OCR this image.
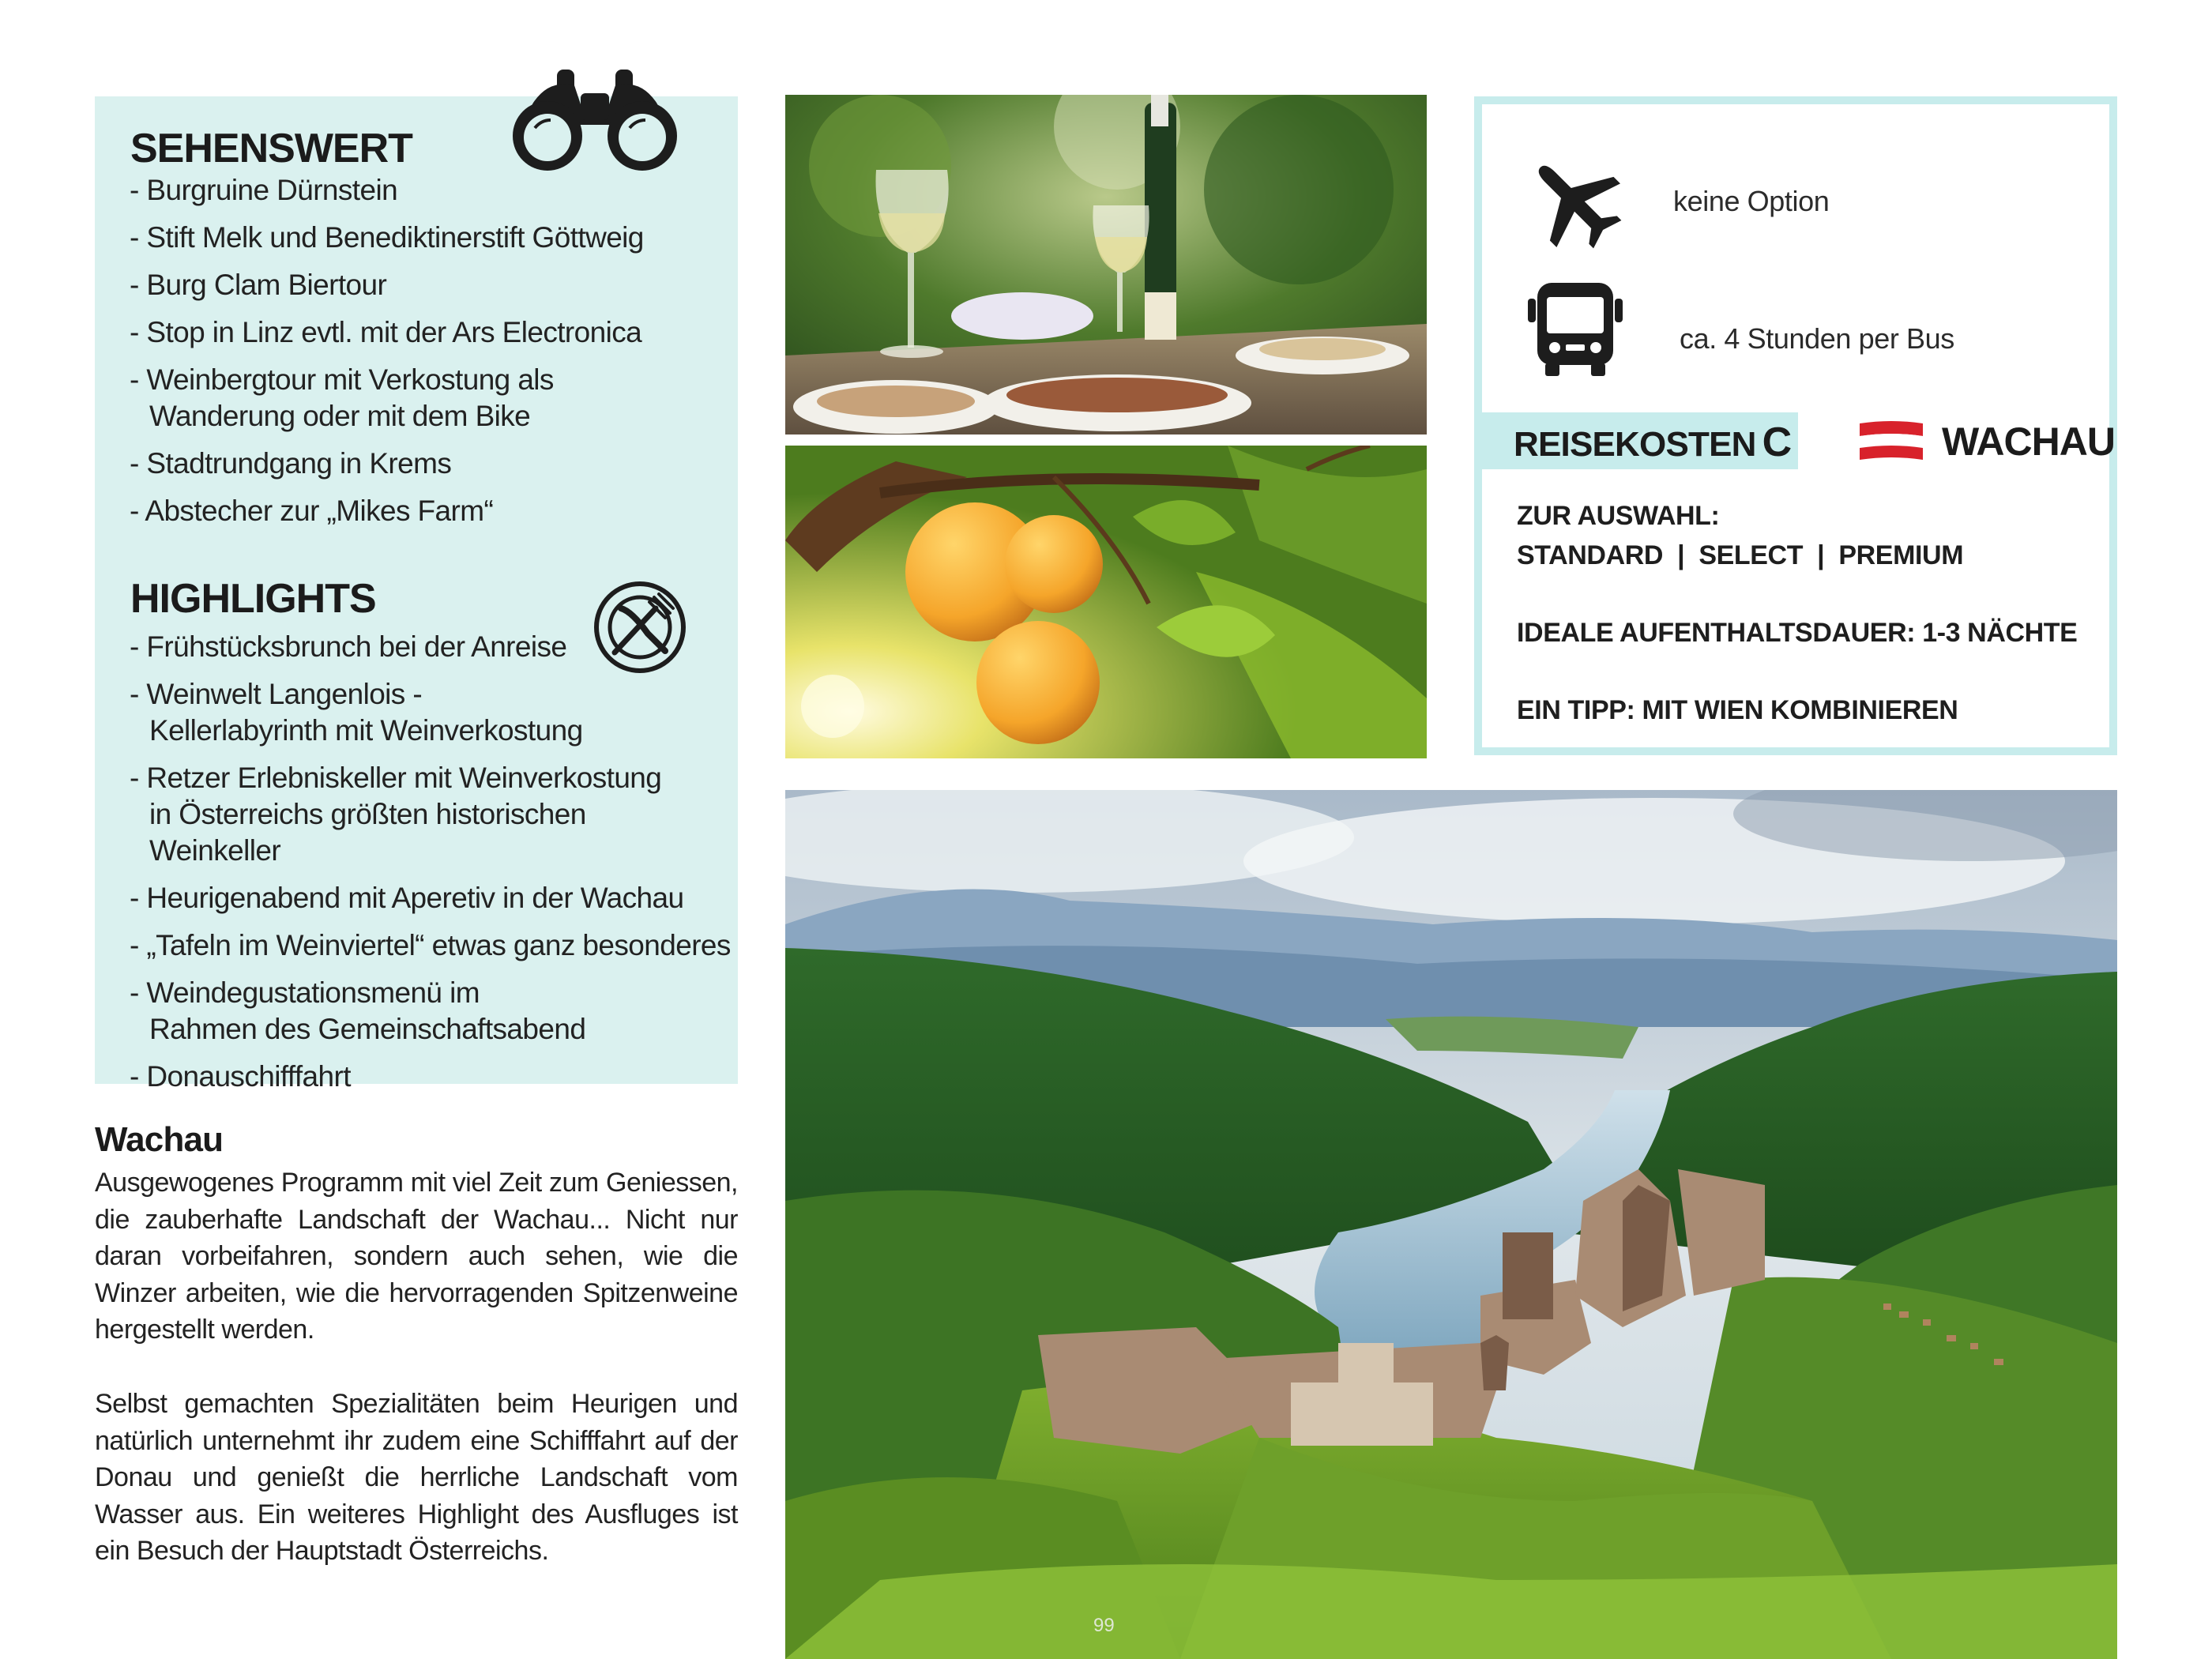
SEHENSWERT
- Burgruine Dürnstein
- Stift Melk und Benediktinerstift Göttweig
- Burg Clam Biertour
- Stop in Linz evtl. mit der Ars Electronica
- Weinbergtour mit Verkostung als Wanderung oder mit dem Bike
- Stadtrundgang in Krems
- Abstecher zur „Mikes Farm“
HIGHLIGHTS
- Frühstücksbrunch bei der Anreise
- Weinwelt Langenlois - Kellerlabyrinth mit Weinverkostung
- Retzer Erlebniskeller mit Weinverkostung in Österreichs größten historischen Weinkeller
- Heurigenabend mit Aperetiv in der Wachau
- „Tafeln im Weinviertel“ etwas ganz besonderes
- Weindegustationsmenü im Rahmen des Gemeinschaftsabend
- Donauschifffahrt
Wachau

Ausgewogenes Programm mit viel Zeit zum Geniessen, die zauberhafte Landschaft der Wachau... Nicht nur daran vorbeifahren, sondern auch sehen, wie die Winzer arbeiten, wie die hervorragenden Spitzenweine hergestellt werden.

Selbst gemachten Spezialitäten beim Heurigen und natürlich unternehmt ihr zudem eine Schifffahrt auf der Donau und genießt die herrliche Landschaft vom Wasser aus. Ein weiteres Highlight des Ausfluges ist ein Besuch der Hauptstadt Österreichs.

keine Option
ca. 4 Stunden per Bus
REISEKOSTEN C	WACHAU
ZUR AUSWAHL:
STANDARD  |  SELECT  |  PREMIUM
IDEALE AUFENTHALTSDAUER: 1-3 NÄCHTE
EIN TIPP: MIT WIEN KOMBINIEREN
99
